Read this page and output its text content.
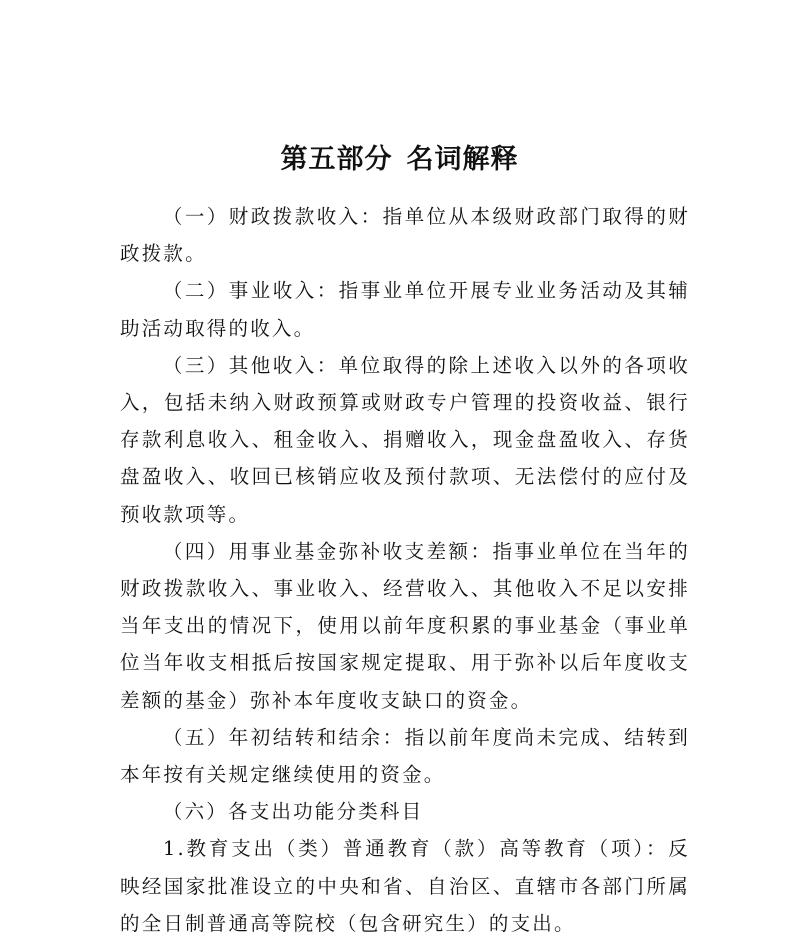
第五部分 名词解释

（一）财政拨款收入：指单位从本级财政部门取得的财政拨款。

（二）事业收入：指事业单位开展专业业务活动及其辅助活动取得的收入。

（三）其他收入：单位取得的除上述收入以外的各项收入，包括未纳入财政预算或财政专户管理的投资收益、银行存款利息收入、租金收入、捐赠收入，现金盘盈收入、存货盘盈收入、收回已核销应收及预付款项、无法偿付的应付及预收款项等。

（四）用事业基金弥补收支差额：指事业单位在当年的财政拨款收入、事业收入、经营收入、其他收入不足以安排当年支出的情况下，使用以前年度积累的事业基金（事业单位当年收支相抵后按国家规定提取、用于弥补以后年度收支差额的基金）弥补本年度收支缺口的资金。

（五）年初结转和结余：指以前年度尚未完成、结转到本年按有关规定继续使用的资金。

（六）各支出功能分类科目

1.教育支出（类）普通教育（款）高等教育（项）：反映经国家批准设立的中央和省、自治区、直辖市各部门所属的全日制普通高等院校（包含研究生）的支出。
